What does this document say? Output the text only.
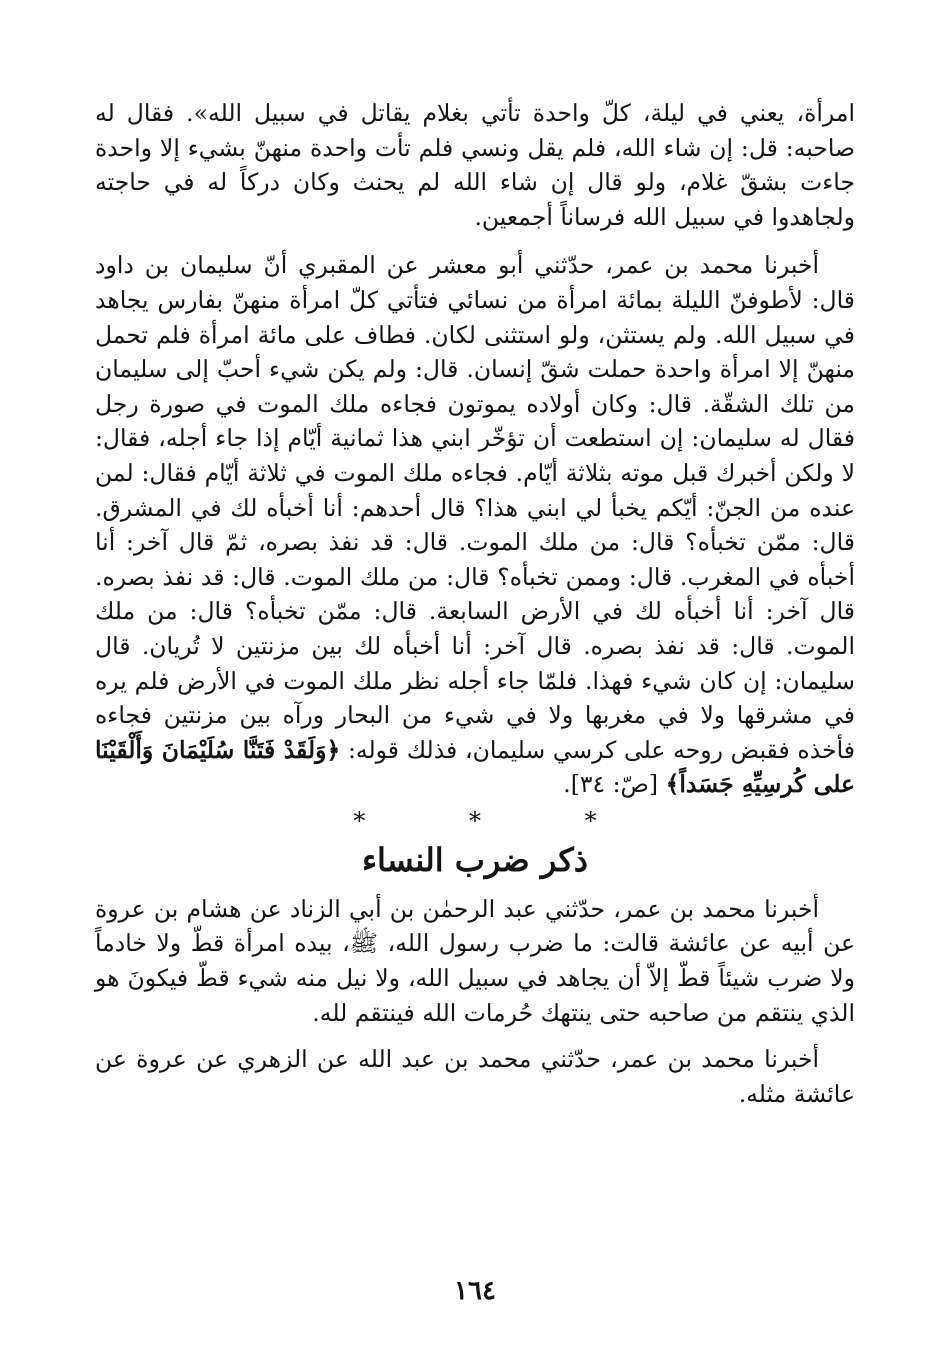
امرأة، يعني في ليلة، كلّ واحدة تأتي بغلام يقاتل في سبيل الله». فقال له صاحبه: قل: إن شاء الله، فلم يقل ونسي فلم تأت واحدة منهنّ بشيء إلا واحدة جاءت بشقّ غلام، ولو قال إن شاء الله لم يحنث وكان دركاً له في حاجته ولجاهدوا في سبيل الله فرساناً أجمعين.

أخبرنا محمد بن عمر، حدّثني أبو معشر عن المقبري أنّ سليمان بن داود قال: لأطوفنّ الليلة بمائة امرأة من نسائي فتأتي كلّ امرأة منهنّ بفارس يجاهد في سبيل الله. ولم يستثن، ولو استثنى لكان. فطاف على مائة امرأة فلم تحمل منهنّ إلا امرأة واحدة حملت شقّ إنسان. قال: ولم يكن شيء أحبّ إلى سليمان من تلك الشقّة. قال: وكان أولاده يموتون فجاءه ملك الموت في صورة رجل فقال له سليمان: إن استطعت أن تؤخّر ابني هذا ثمانية أيّام إذا جاء أجله، فقال: لا ولكن أخبرك قبل موته بثلاثة أيّام. فجاءه ملك الموت في ثلاثة أيّام فقال: لمن عنده من الجنّ: أيّكم يخبأ لي ابني هذا؟ قال أحدهم: أنا أخبأه لك في المشرق. قال: ممّن تخبأه؟ قال: من ملك الموت. قال: قد نفذ بصره، ثمّ قال آخر: أنا أخبأه في المغرب. قال: وممن تخبأه؟ قال: من ملك الموت. قال: قد نفذ بصره. قال آخر: أنا أخبأه لك في الأرض السابعة. قال: ممّن تخبأه؟ قال: من ملك الموت. قال: قد نفذ بصره. قال آخر: أنا أخبأه لك بين مزنتين لا تُريان. قال سليمان: إن كان شيء فهذا. فلمّا جاء أجله نظر ملك الموت في الأرض فلم يره في مشرقها ولا في مغربها ولا في شيء من البحار ورآه بين مزنتين فجاءه فأخذه فقبض روحه على كرسي سليمان، فذلك قوله: ﴿وَلَقَدْ فَتَنَّا سُلَيْمَانَ وَأَلْقَيْنَا على كُرسِيِّهِ جَسَداً﴾ [صّ: ٣٤].

* * *
ذكر ضرب النساء

أخبرنا محمد بن عمر، حدّثني عبد الرحمٰن بن أبي الزناد عن هشام بن عروة عن أبيه عن عائشة قالت: ما ضرب رسول الله، ﷺ، بيده امرأة قطّ ولا خادماً ولا ضرب شيئاً قطّ إلاّ أن يجاهد في سبيل الله، ولا نيل منه شيء قطّ فيكونَ هو الذي ينتقم من صاحبه حتى ينتهك حُرمات الله فينتقم لله.

أخبرنا محمد بن عمر، حدّثني محمد بن عبد الله عن الزهري عن عروة عن عائشة مثله.

١٦٤
